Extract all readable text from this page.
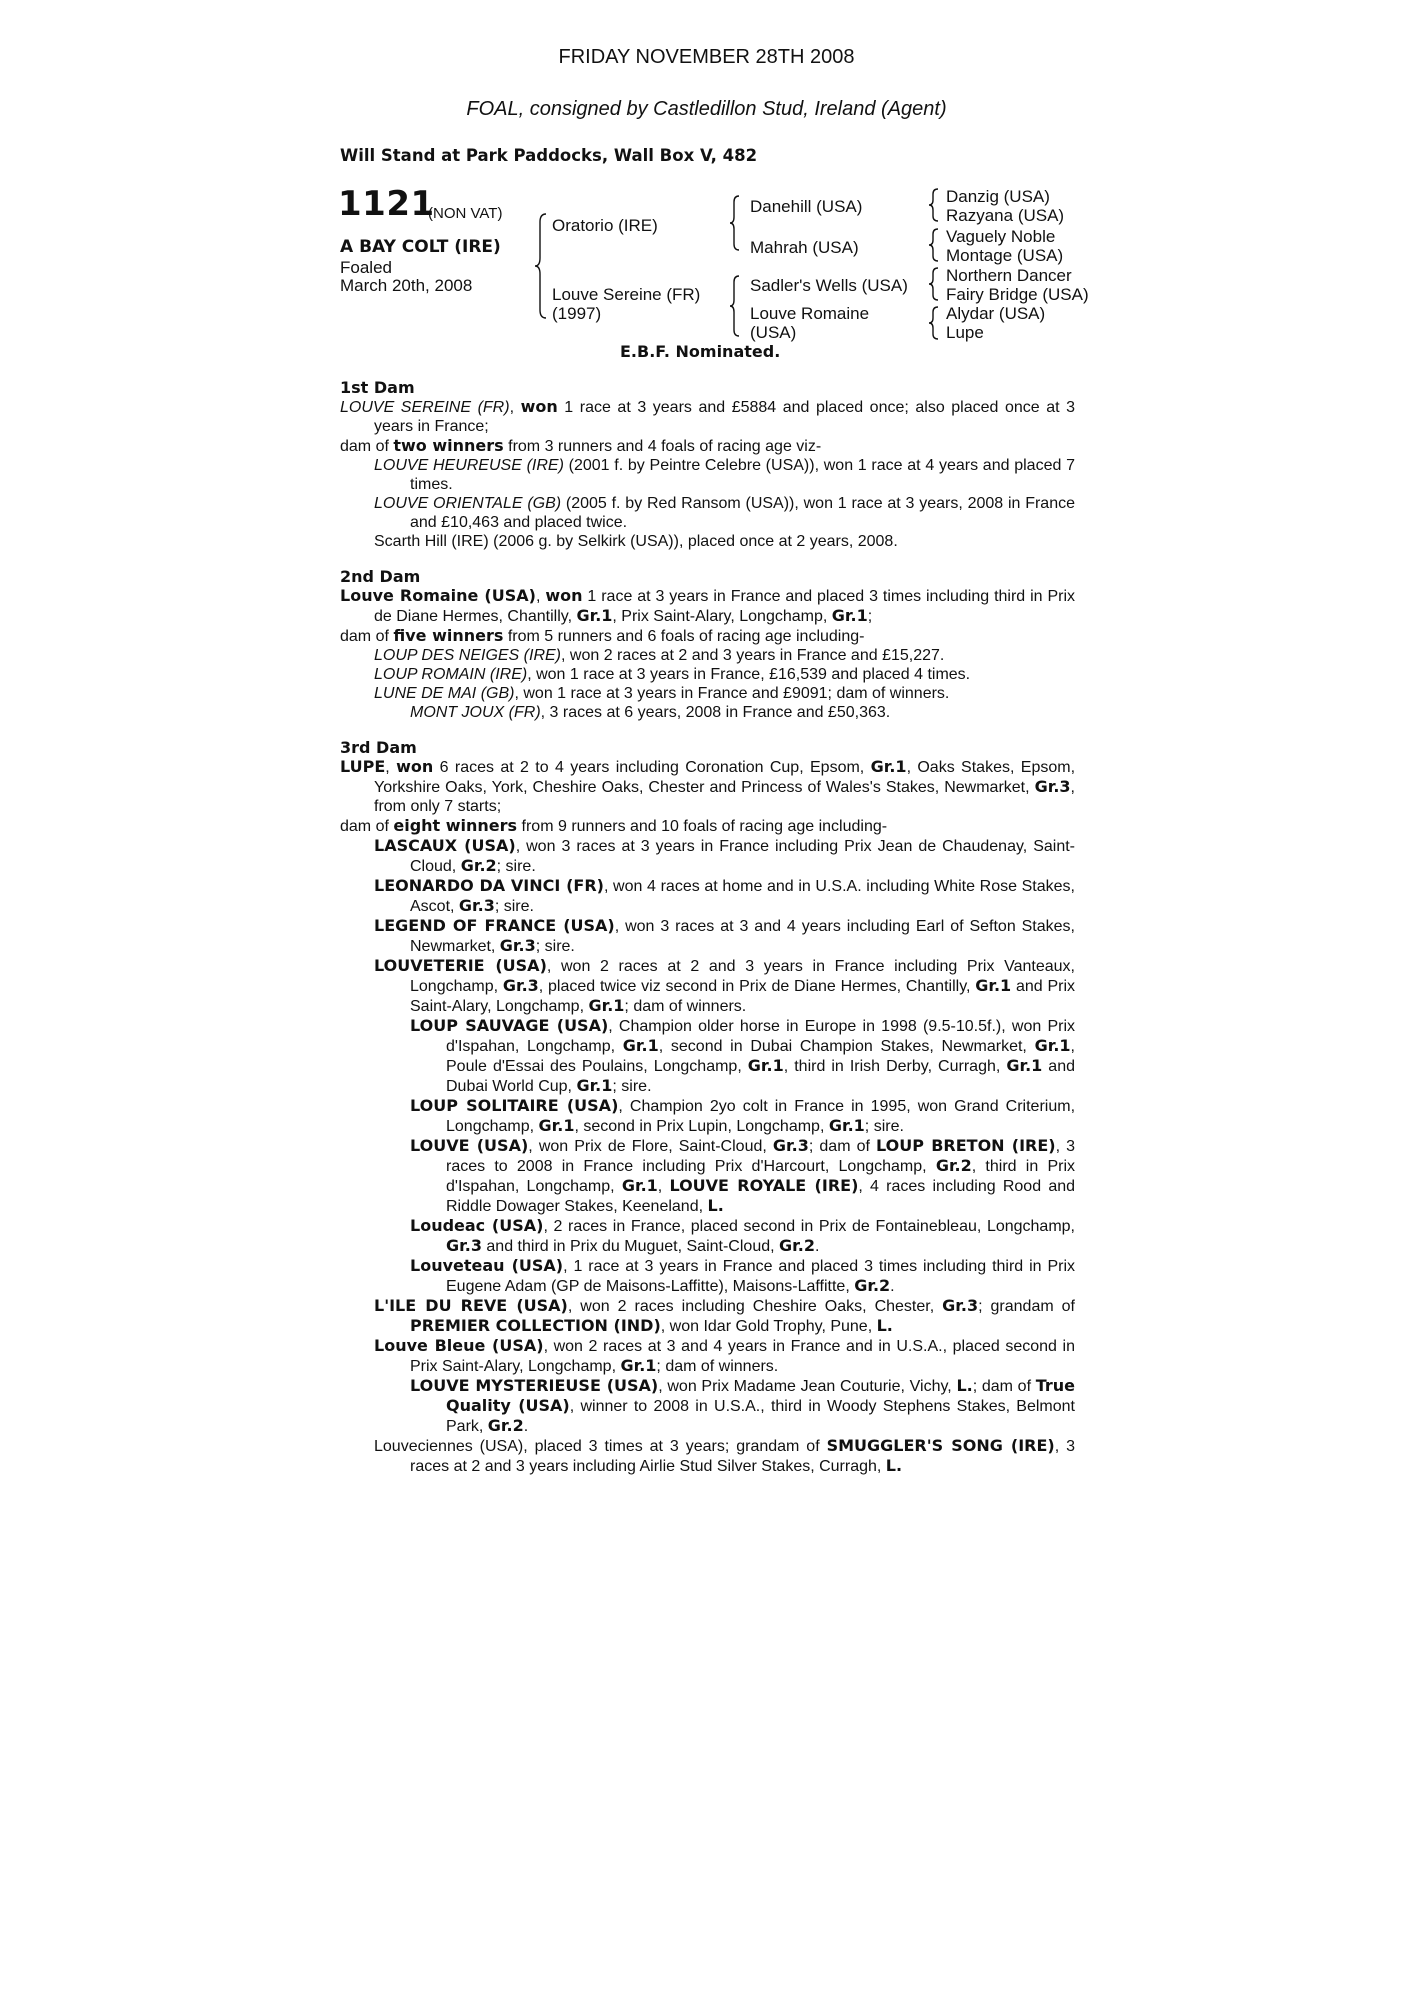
FRIDAY NOVEMBER 28TH 2008
FOAL, consigned by Castledillon Stud, Ireland (Agent)
Will Stand at Park Paddocks, Wall Box V, 482
1121
(NON VAT)
A BAY COLT (IRE)
Foaled
March 20th, 2008
Oratorio (IRE)
Louve Sereine (FR)
(1997)
Danehill (USA)
Mahrah (USA)
Sadler's Wells (USA)
Louve Romaine
(USA)
Danzig (USA)
Razyana (USA)
Vaguely Noble
Montage (USA)
Northern Dancer
Fairy Bridge (USA)
Alydar (USA)
Lupe
E.B.F. Nominated.
1st Dam
LOUVE SEREINE (FR), won 1 race at 3 years and £5884 and placed once; also placed once at 3 years in France;
dam of two winners from 3 runners and 4 foals of racing age viz-
LOUVE HEUREUSE (IRE) (2001 f. by Peintre Celebre (USA)), won 1 race at 4 years and placed 7 times.
LOUVE ORIENTALE (GB) (2005 f. by Red Ransom (USA)), won 1 race at 3 years, 2008 in France and £10,463 and placed twice.
Scarth Hill (IRE) (2006 g. by Selkirk (USA)), placed once at 2 years, 2008.
2nd Dam
Louve Romaine (USA), won 1 race at 3 years in France and placed 3 times including third in Prix de Diane Hermes, Chantilly, Gr.1, Prix Saint-Alary, Longchamp, Gr.1;
dam of five winners from 5 runners and 6 foals of racing age including-
LOUP DES NEIGES (IRE), won 2 races at 2 and 3 years in France and £15,227.
LOUP ROMAIN (IRE), won 1 race at 3 years in France, £16,539 and placed 4 times.
LUNE DE MAI (GB), won 1 race at 3 years in France and £9091; dam of winners.
MONT JOUX (FR), 3 races at 6 years, 2008 in France and £50,363.
3rd Dam
LUPE, won 6 races at 2 to 4 years including Coronation Cup, Epsom, Gr.1, Oaks Stakes, Epsom, Yorkshire Oaks, York, Cheshire Oaks, Chester and Princess of Wales's Stakes, Newmarket, Gr.3, from only 7 starts;
dam of eight winners from 9 runners and 10 foals of racing age including-
LASCAUX (USA), won 3 races at 3 years in France including Prix Jean de Chaudenay, Saint-Cloud, Gr.2; sire.
LEONARDO DA VINCI (FR), won 4 races at home and in U.S.A. including White Rose Stakes, Ascot, Gr.3; sire.
LEGEND OF FRANCE (USA), won 3 races at 3 and 4 years including Earl of Sefton Stakes, Newmarket, Gr.3; sire.
LOUVETERIE (USA), won 2 races at 2 and 3 years in France including Prix Vanteaux, Longchamp, Gr.3, placed twice viz second in Prix de Diane Hermes, Chantilly, Gr.1 and Prix Saint-Alary, Longchamp, Gr.1; dam of winners.
LOUP SAUVAGE (USA), Champion older horse in Europe in 1998 (9.5-10.5f.), won Prix d'Ispahan, Longchamp, Gr.1, second in Dubai Champion Stakes, Newmarket, Gr.1, Poule d'Essai des Poulains, Longchamp, Gr.1, third in Irish Derby, Curragh, Gr.1 and Dubai World Cup, Gr.1; sire.
LOUP SOLITAIRE (USA), Champion 2yo colt in France in 1995, won Grand Criterium, Longchamp, Gr.1, second in Prix Lupin, Longchamp, Gr.1; sire.
LOUVE (USA), won Prix de Flore, Saint-Cloud, Gr.3; dam of LOUP BRETON (IRE), 3 races to 2008 in France including Prix d'Harcourt, Longchamp, Gr.2, third in Prix d'Ispahan, Longchamp, Gr.1, LOUVE ROYALE (IRE), 4 races including Rood and Riddle Dowager Stakes, Keeneland, L.
Loudeac (USA), 2 races in France, placed second in Prix de Fontainebleau, Longchamp, Gr.3 and third in Prix du Muguet, Saint-Cloud, Gr.2.
Louveteau (USA), 1 race at 3 years in France and placed 3 times including third in Prix Eugene Adam (GP de Maisons-Laffitte), Maisons-Laffitte, Gr.2.
L'ILE DU REVE (USA), won 2 races including Cheshire Oaks, Chester, Gr.3; grandam of PREMIER COLLECTION (IND), won Idar Gold Trophy, Pune, L.
Louve Bleue (USA), won 2 races at 3 and 4 years in France and in U.S.A., placed second in Prix Saint-Alary, Longchamp, Gr.1; dam of winners.
LOUVE MYSTERIEUSE (USA), won Prix Madame Jean Couturie, Vichy, L.; dam of True Quality (USA), winner to 2008 in U.S.A., third in Woody Stephens Stakes, Belmont Park, Gr.2.
Louveciennes (USA), placed 3 times at 3 years; grandam of SMUGGLER'S SONG (IRE), 3 races at 2 and 3 years including Airlie Stud Silver Stakes, Curragh, L.
